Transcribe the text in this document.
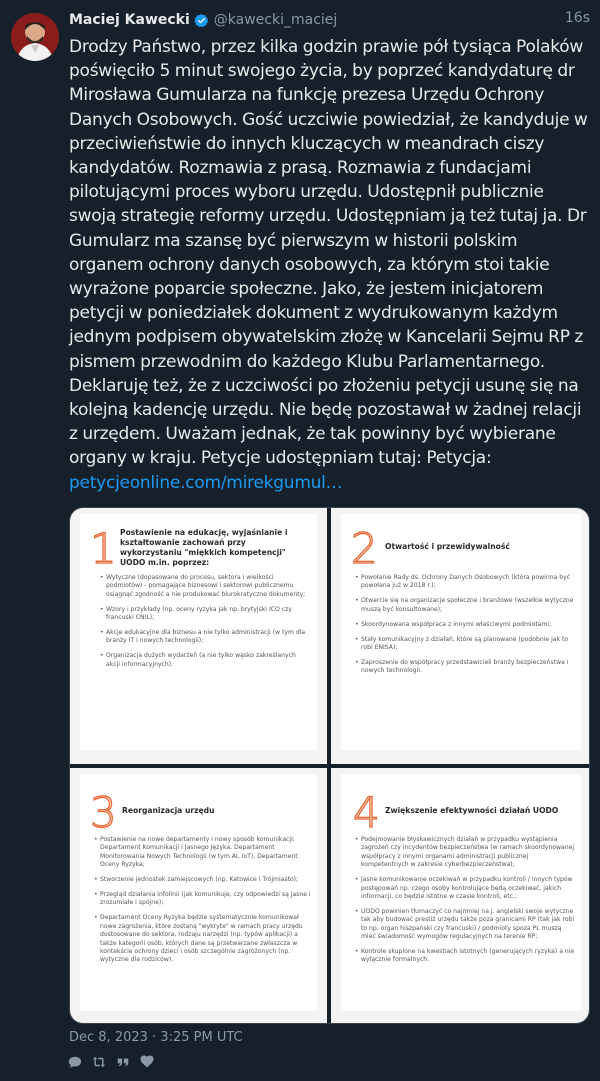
Maciej Kawecki @kawecki_maciej	16s
Drodzy Państwo, przez kilka godzin prawie pół tysiąca Polaków poświęciło 5 minut swojego życia, by poprzeć kandydaturę dr Mirosława Gumularza na funkcję prezesa Urzędu Ochrony Danych Osobowych. Gość uczciwie powiedział, że kandyduje w przeciwieństwie do innych kluczących w meandrach ciszy kandydatów. Rozmawia z prasą. Rozmawia z fundacjami pilotującymi proces wyboru urzędu. Udostępnił publicznie swoją strategię reformy urzędu. Udostępniam ją też tutaj ja. Dr Gumularz ma szansę być pierwszym w historii polskim organem ochrony danych osobowych, za którym stoi takie wyrażone poparcie społeczne. Jako, że jestem inicjatorem petycji w poniedziałek dokument z wydrukowanym każdym jednym podpisem obywatelskim złożę w Kancelarii Sejmu RP z pismem przewodnim do każdego Klubu Parlamentarnego. Deklaruję też, że z uczciwości po złożeniu petycji usunę się na kolejną kadencję urzędu. Nie będę pozostawał w żadnej relacji z urzędem. Uważam jednak, że tak powinny być wybierane organy w kraju. Petycje udostępniam tutaj: Petycja: petycjeonline.com/mirekgumul…
1 Postawienie na edukację, wyjaśnianie i kształtowanie zachowań przy wykorzystaniu "miękkich kompetencji" UODO m.in. poprzez:
• Wytyczne (dopasowane do procesu, sektora i wielkości podmiotów) - pomagające biznesowi i sektorowi publicznemu osiągnąć zgodność a nie produkować biurokratyczne dokumenty;
• Wzory i przykłady (np. oceny ryzyka jak np. brytyjski ICO czy francuski CNIL);
• Akcje edukacyjne dla biznesu a nie tylko administracji (w tym dla branży IT i nowych technologii);
• Organizacja dużych wydarzeń (a nie tylko wąsko zakreślanych akcji informacyjnych).
2 Otwartość i przewidywalność
• Powołanie Rady ds. Ochrony Danych Osobowych (która powinna być powołana już w 2018 r.);
• Otwarcie się na organizacje społeczne i branżowe (wszelkie wytyczne muszą być konsultowane);
• Skoordynowana współpraca z innymi właściwymi podmiotami;
• Stały komunikacyjny z działań, które są planowane (podobnie jak to robi ENISA);
• Zaproszenie do współpracy przedstawicieli branży bezpieczeństwa i nowych technologii.
3 Reorganizacja urzędu
• Postawienie na nowe departamenty i nowy sposób komunikacji: Departament Komunikacji i Jasnego Języka, Departament Monitorowania Nowych Technologii (w tym AI, IoT), Departament Oceny Ryzyka;
• Stworzenie jednostek zamiejscowych (np. Katowice i Trójmiasto);
• Przegląd działania infolinii (jak komunikuje, czy odpowiedzi są jasne i zrozumiałe i spójne);
• Departament Oceny Ryzyka będzie systematycznie komunikował nowe zagrożenia, które zostaną "wykryte" w ramach pracy urzędu dostosowane do sektora, rodzaju narzędzi (np. typów aplikacji) a także kategorii osób, których dane są przetwarzane zwłaszcza w kontekście ochrony dzieci i osób szczególnie zagrożonych (np. wytyczne dla rodziców).
4 Zwiększenie efektywności działań UODO
• Podejmowanie błyskawicznych działań w przypadku wystąpienia zagrożeń czy incydentów bezpieczeństwa (w ramach skoordynowanej współpracy z innymi organami administracji publicznej kompetentnych w zakresie cyberbezpieczeństwa);
• Jasne komunikowanie oczekiwań w przypadku kontroli / innych typów postępowań np. czego osoby kontrolujące będą oczekiwać, jakich informacji, co będzie istotne w czasie kontroli, etc.;
• UODO powinien tłumaczyć co najmniej na j. angielski swoje wytyczne tak aby budować prestiż urzędu także poza granicami RP (tak jak robi to np. organ hiszpański czy francuski) / podmioty spoza PL muszą mieć świadomość wymogów regulacyjnych na terenie RP;
• Kontrole skupione na kwestiach istotnych (generujących ryzyka) a nie wyłącznie formalnych.
Dec 8, 2023 · 3:25 PM UTC
